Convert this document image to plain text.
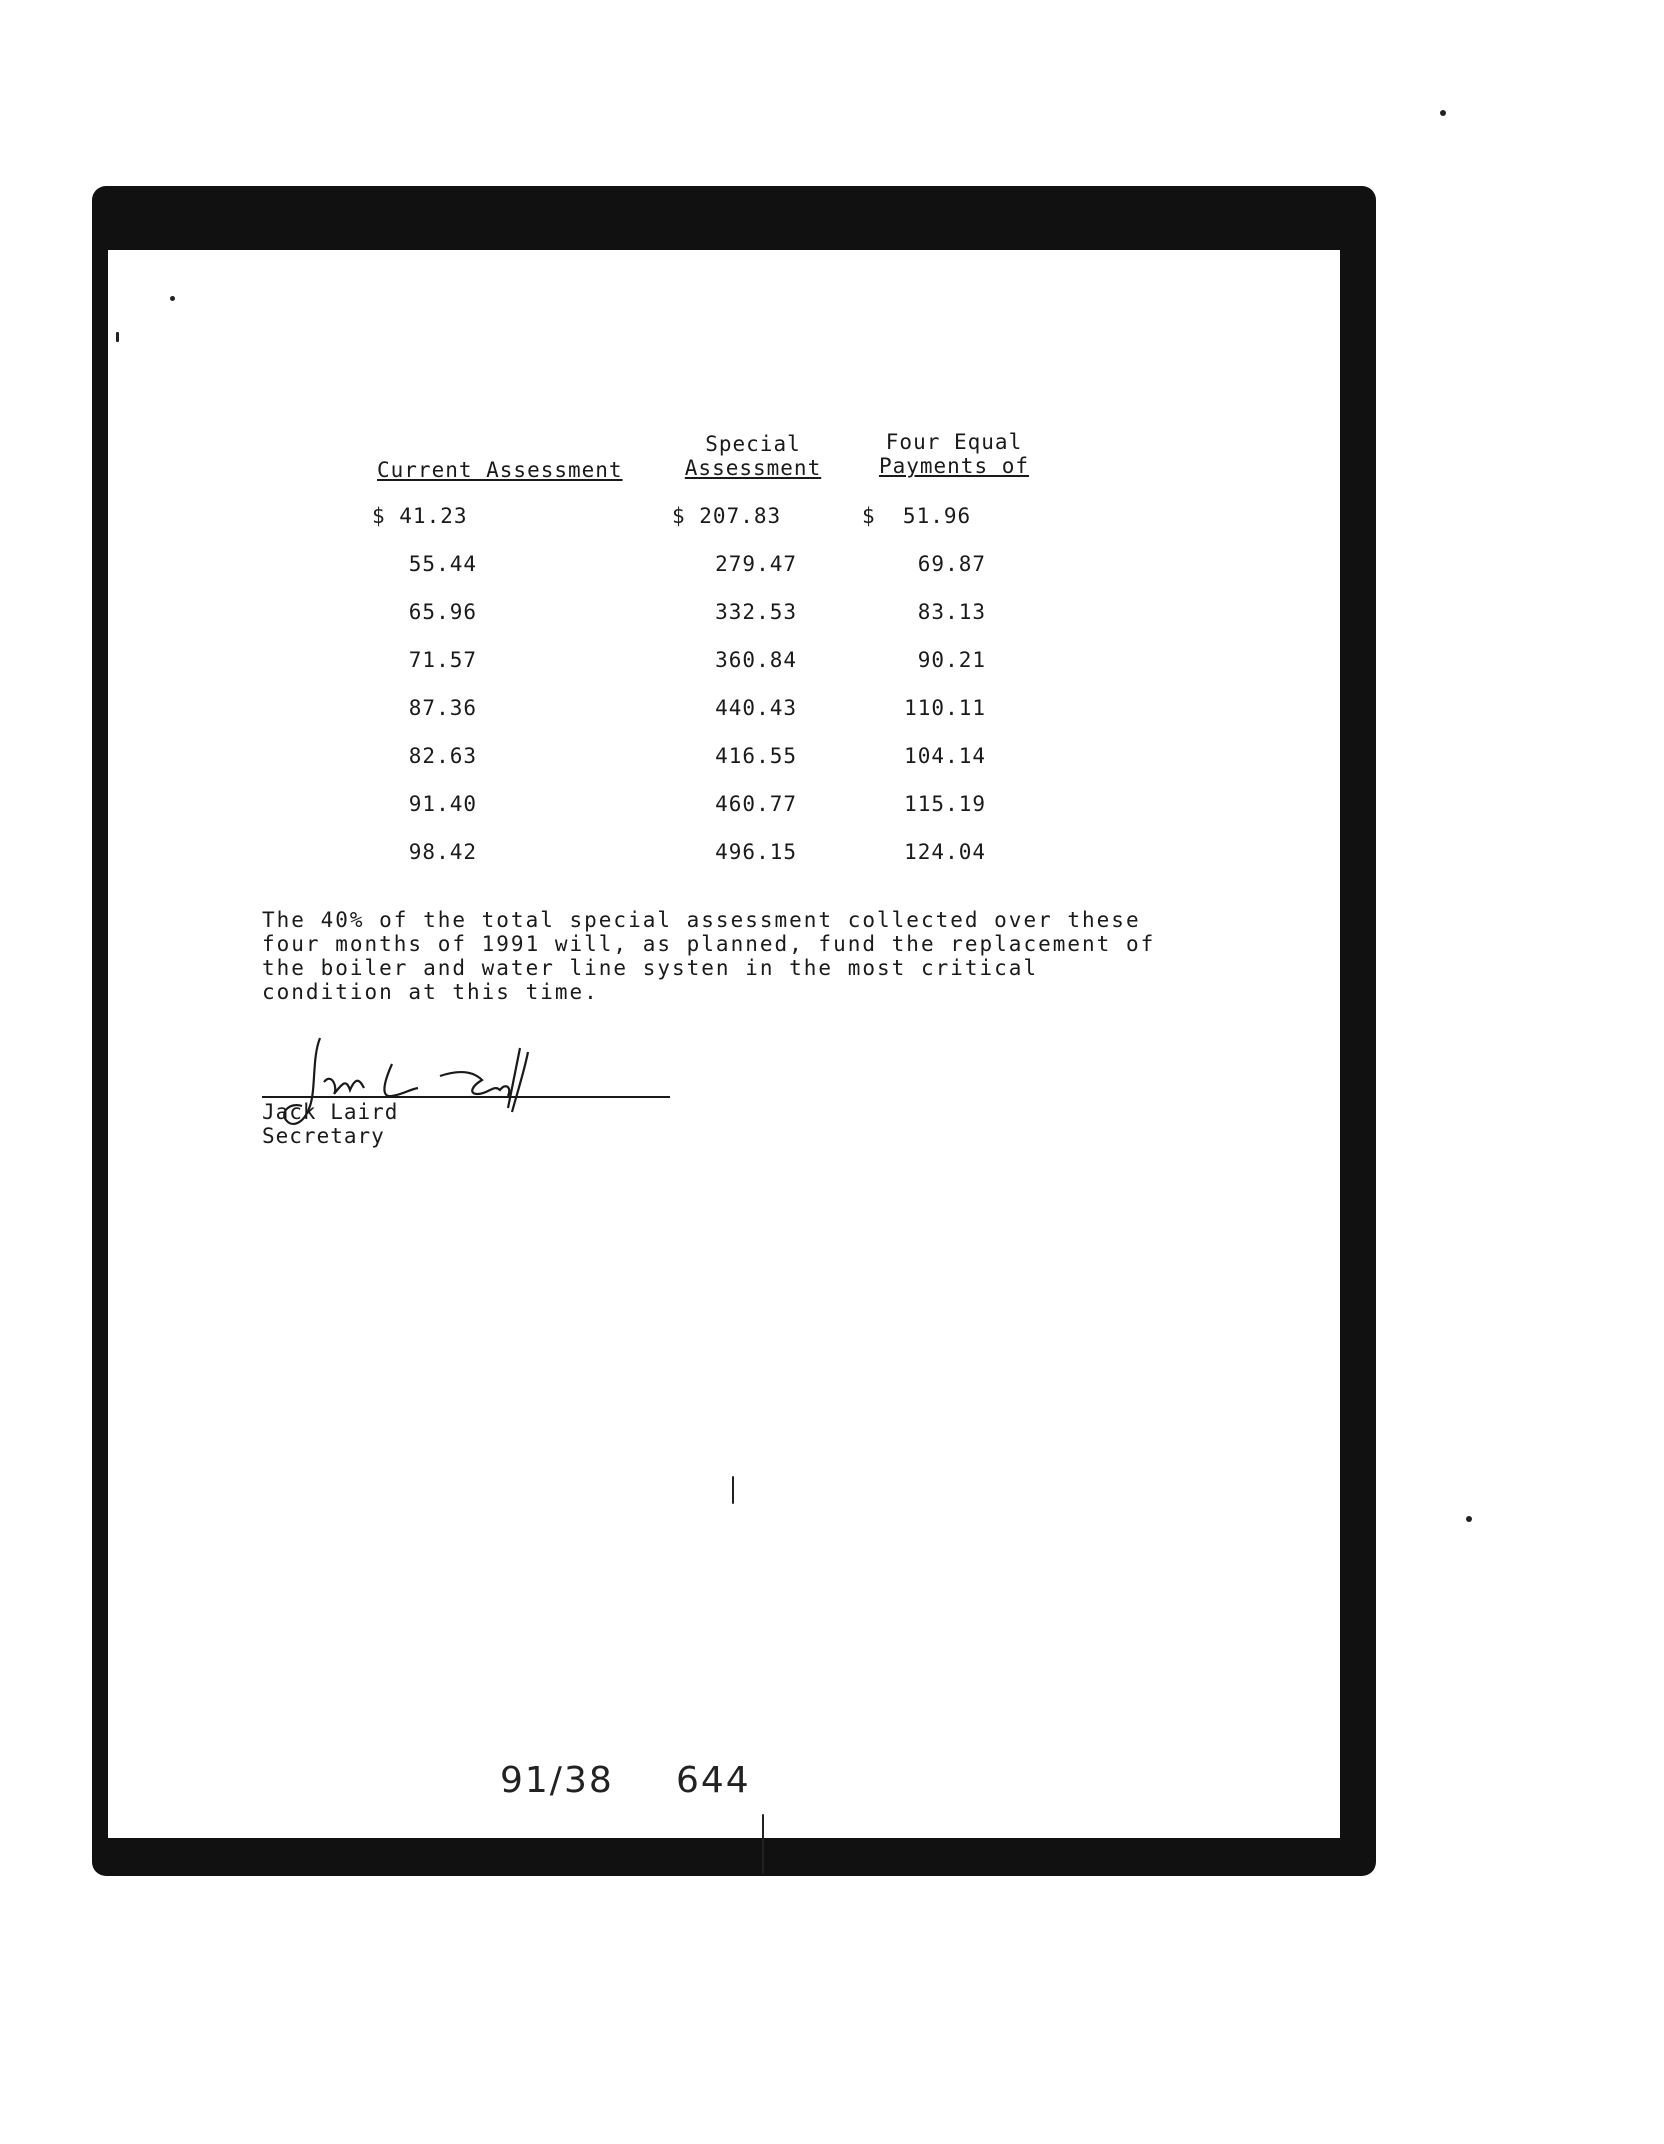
Current Assessment
Special
Assessment
Four Equal
Payments of
$ 41.23	$ 207.83	$  51.96
55.44	279.47	69.87
65.96	332.53	83.13
71.57	360.84	90.21
87.36	440.43	110.11
82.63	416.55	104.14
91.40	460.77	115.19
98.42	496.15	124.04
The 40% of the total special assessment collected over these
four months of 1991 will, as planned, fund the replacement of
the boiler and water line systen in the most critical
condition at this time.
Jack Laird
Secretary
91/38 644
